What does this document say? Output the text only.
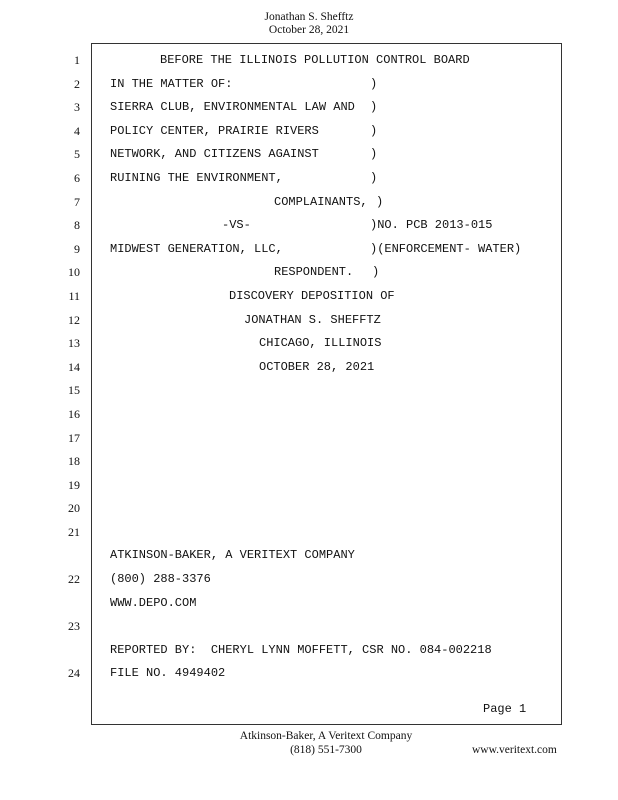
Jonathan S. Shefftz
October 28, 2021
1
2
3
4
5
6
7
8
9
10
11
12
13
14
15
16
17
18
19
20
21
22
23
24
BEFORE THE ILLINOIS POLLUTION CONTROL BOARD
IN THE MATTER OF:	)
SIERRA CLUB, ENVIRONMENTAL LAW AND )
POLICY CENTER, PRAIRIE RIVERS	)
NETWORK, AND CITIZENS AGAINST	)
RUINING THE ENVIRONMENT,	)
COMPLAINANTS, )
-VS-	)NO. PCB 2013-015
MIDWEST GENERATION, LLC,	)(ENFORCEMENT- WATER)
RESPONDENT. )
DISCOVERY DEPOSITION OF
JONATHAN S. SHEFFTZ
CHICAGO, ILLINOIS
OCTOBER 28, 2021
ATKINSON-BAKER, A VERITEXT COMPANY
(800) 288-3376
WWW.DEPO.COM
REPORTED BY:  CHERYL LYNN MOFFETT, CSR NO. 084-002218
FILE NO. 4949402
Page 1
Atkinson-Baker, A Veritext Company
(818) 551-7300	www.veritext.com
